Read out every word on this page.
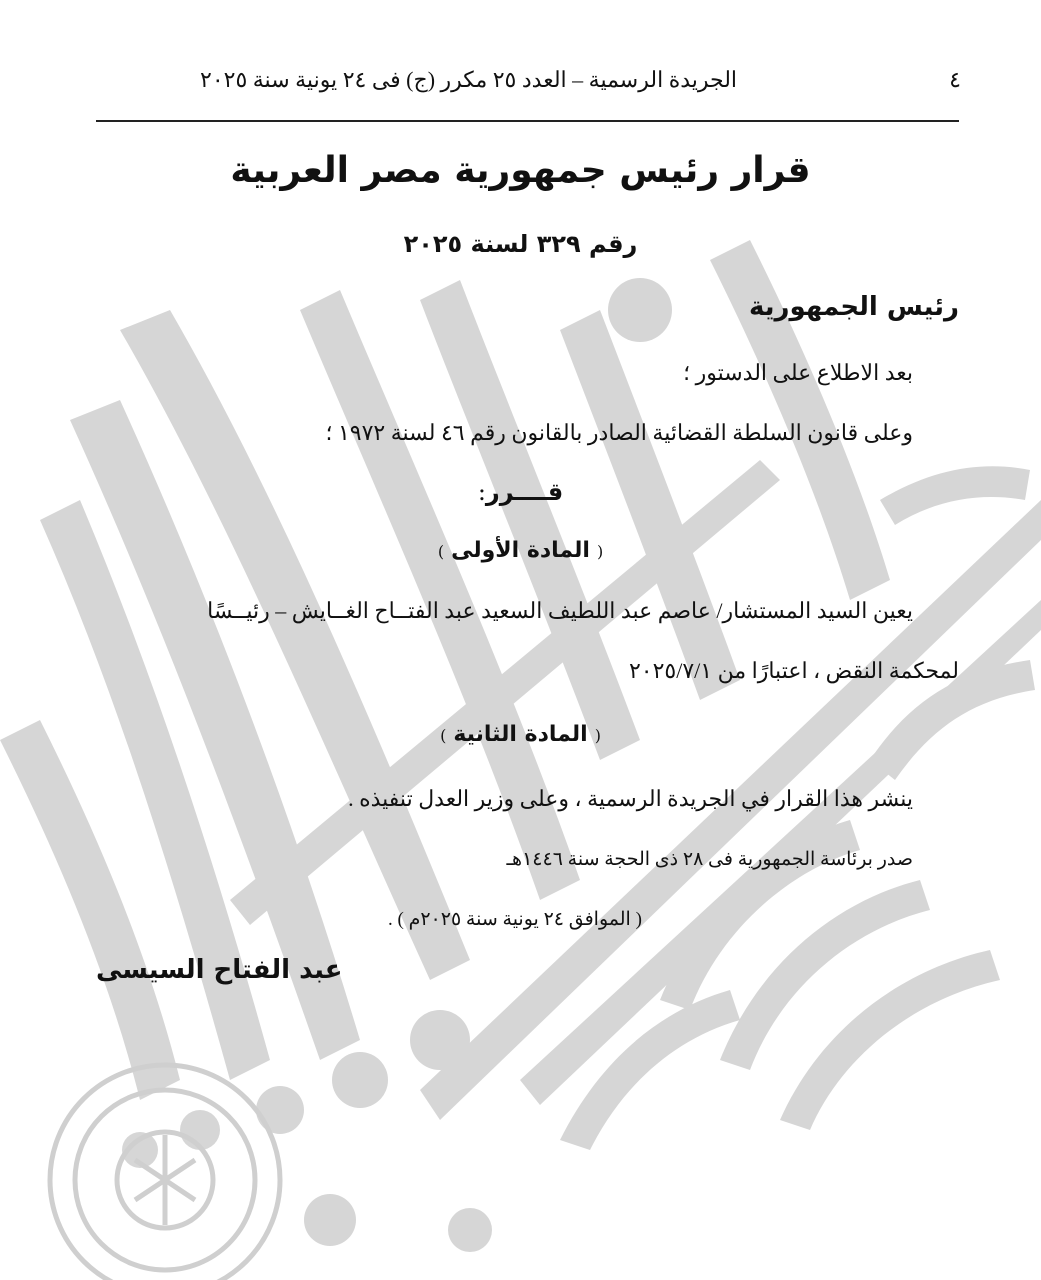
٤
الجريدة الرسمية – العدد ٢٥ مكرر (ج) فى ٢٤ يونية سنة ٢٠٢٥
قرار رئيس جمهورية مصر العربية
رقم ٣٢٩ لسنة ٢٠٢٥
رئيس الجمهورية
بعد الاطلاع على الدستور ؛
وعلى قانون السلطة القضائية الصادر بالقانون رقم ٤٦ لسنة ١٩٧٢ ؛
قــــرر:
( المادة الأولى )
يعين السيد المستشار/ عاصم عبد اللطيف السعيد عبد الفتــاح الغــايش – رئيــسًا
لمحكمة النقض ، اعتبارًا من ٢٠٢٥/٧/١
( المادة الثانية )
ينشر هذا القرار في الجريدة الرسمية ، وعلى وزير العدل تنفيذه .
صدر برئاسة الجمهورية فى ٢٨ ذى الحجة سنة ١٤٤٦هـ
( الموافق ٢٤ يونية سنة ٢٠٢٥م ) .
عبد الفتاح السيسى
